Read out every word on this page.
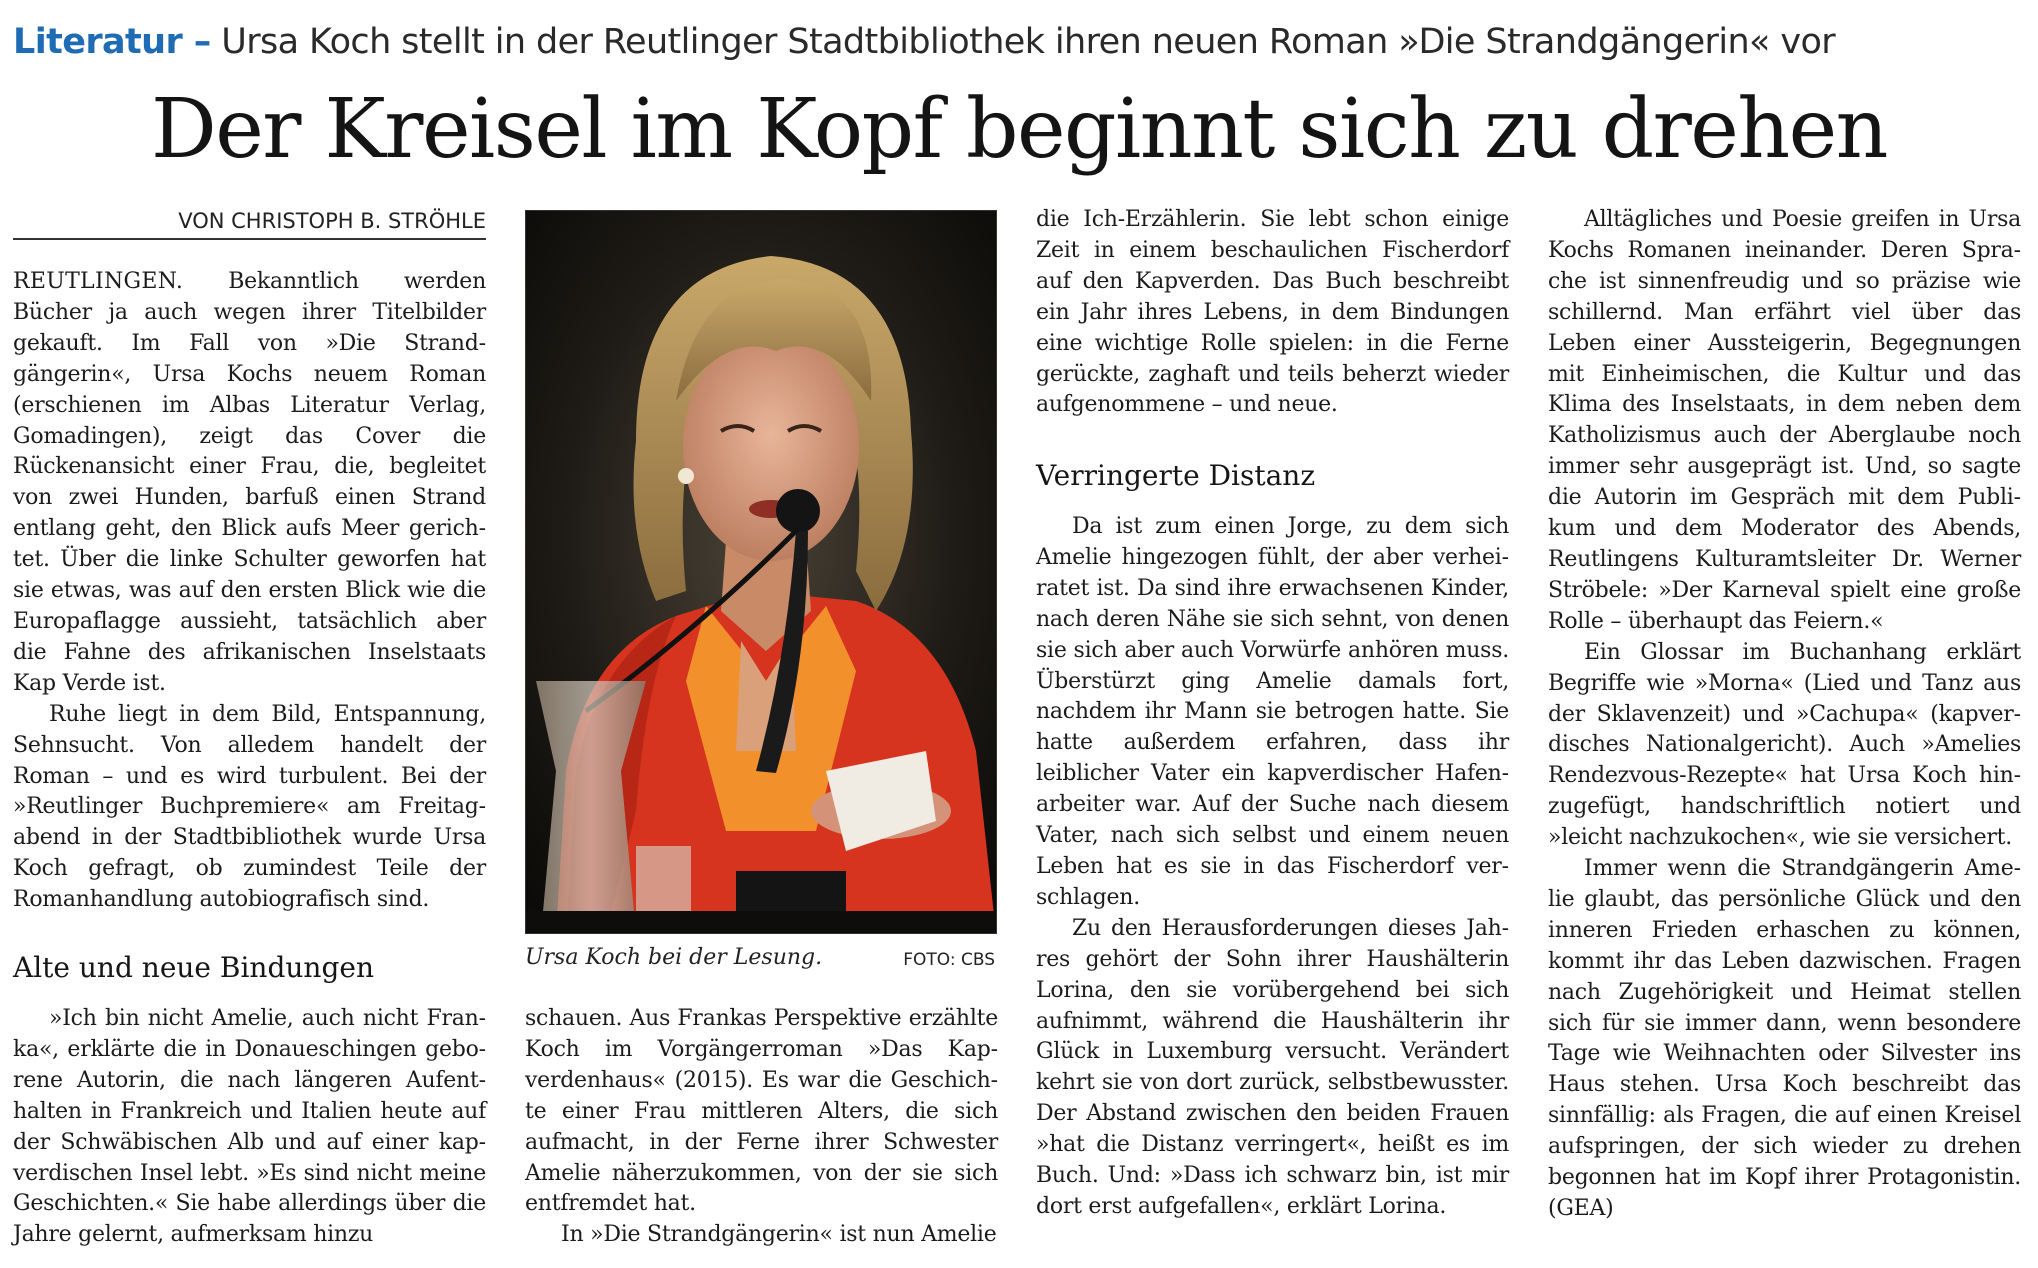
Literatur – Ursa Koch stellt in der Reutlinger Stadtbibliothek ihren neuen Roman »Die Strandgängerin« vor
Der Kreisel im Kopf beginnt sich zu drehen
VON CHRISTOPH B. STRÖHLE

REUTLINGEN. Bekanntlich werden Bücher ja auch wegen ihrer Titelbilder gekauft. Im Fall von »Die Strandgängerin«, Ursa Kochs neuem Roman (erschienen im Albas Literatur Verlag, Gomadingen), zeigt das Cover die Rückenansicht einer Frau, die, begleitet von zwei Hunden, barfuß einen Strand entlang geht, den Blick aufs Meer gerichtet. Über die linke Schulter geworfen hat sie etwas, was auf den ersten Blick wie die Europaflagge aussieht, tatsächlich aber die Fahne des afrikanischen Inselstaats Kap Verde ist.

Ruhe liegt in dem Bild, Entspannung, Sehnsucht. Von alledem handelt der Roman – und es wird turbulent. Bei der »Reutlinger Buchpremiere« am Freitagabend in der Stadtbibliothek wurde Ursa Koch gefragt, ob zumindest Teile der Romanhandlung autobiografisch sind.

Alte und neue Bindungen

»Ich bin nicht Amelie, auch nicht Franka«, erklärte die in Donaueschingen geborene Autorin, die nach längeren Aufenthalten in Frankreich und Italien heute auf der Schwäbischen Alb und auf einer kapverdischen Insel lebt. »Es sind nicht meine Geschichten.« Sie habe allerdings über die Jahre gelernt, aufmerksam hinzu

Ursa Koch bei der Lesung.	FOTO: CBS

schauen. Aus Frankas Perspektive erzählte Koch im Vorgängerroman »Das Kapverdenhaus« (2015). Es war die Geschichte einer Frau mittleren Alters, die sich aufmacht, in der Ferne ihrer Schwester Amelie näherzukommen, von der sie sich entfremdet hat.

In »Die Strandgängerin« ist nun Amelie

die Ich-Erzählerin. Sie lebt schon einige Zeit in einem beschaulichen Fischerdorf auf den Kapverden. Das Buch beschreibt ein Jahr ihres Lebens, in dem Bindungen eine wichtige Rolle spielen: in die Ferne gerückte, zaghaft und teils beherzt wieder aufgenommene – und neue.

Verringerte Distanz

Da ist zum einen Jorge, zu dem sich Amelie hingezogen fühlt, der aber verheiratet ist. Da sind ihre erwachsenen Kinder, nach deren Nähe sie sich sehnt, von denen sie sich aber auch Vorwürfe anhören muss. Überstürzt ging Amelie damals fort, nachdem ihr Mann sie betrogen hatte. Sie hatte außerdem erfahren, dass ihr leiblicher Vater ein kapverdischer Hafenarbeiter war. Auf der Suche nach diesem Vater, nach sich selbst und einem neuen Leben hat es sie in das Fischerdorf verschlagen.

Zu den Herausforderungen dieses Jahres gehört der Sohn ihrer Haushälterin Lorina, den sie vorübergehend bei sich aufnimmt, während die Haushälterin ihr Glück in Luxemburg versucht. Verändert kehrt sie von dort zurück, selbstbewusster. Der Abstand zwischen den beiden Frauen »hat die Distanz verringert«, heißt es im Buch. Und: »Dass ich schwarz bin, ist mir dort erst aufgefallen«, erklärt Lorina.

Alltägliches und Poesie greifen in Ursa Kochs Romanen ineinander. Deren Sprache ist sinnenfreudig und so präzise wie schillernd. Man erfährt viel über das Leben einer Aussteigerin, Begegnungen mit Einheimischen, die Kultur und das Klima des Inselstaats, in dem neben dem Katholizismus auch der Aberglaube noch immer sehr ausgeprägt ist. Und, so sagte die Autorin im Gespräch mit dem Publikum und dem Moderator des Abends, Reutlingens Kulturamtsleiter Dr. Werner Ströbele: »Der Karneval spielt eine große Rolle – überhaupt das Feiern.«

Ein Glossar im Buchanhang erklärt Begriffe wie »Morna« (Lied und Tanz aus der Sklavenzeit) und »Cachupa« (kapverdisches Nationalgericht). Auch »Amelies Rendezvous-Rezepte« hat Ursa Koch hinzugefügt, handschriftlich notiert und »leicht nachzukochen«, wie sie versichert.

Immer wenn die Strandgängerin Amelie glaubt, das persönliche Glück und den inneren Frieden erhaschen zu können, kommt ihr das Leben dazwischen. Fragen nach Zugehörigkeit und Heimat stellen sich für sie immer dann, wenn besondere Tage wie Weihnachten oder Silvester ins Haus stehen. Ursa Koch beschreibt das sinnfällig: als Fragen, die auf einen Kreisel aufspringen, der sich wieder zu drehen begonnen hat im Kopf ihrer Protagonistin. (GEA)
